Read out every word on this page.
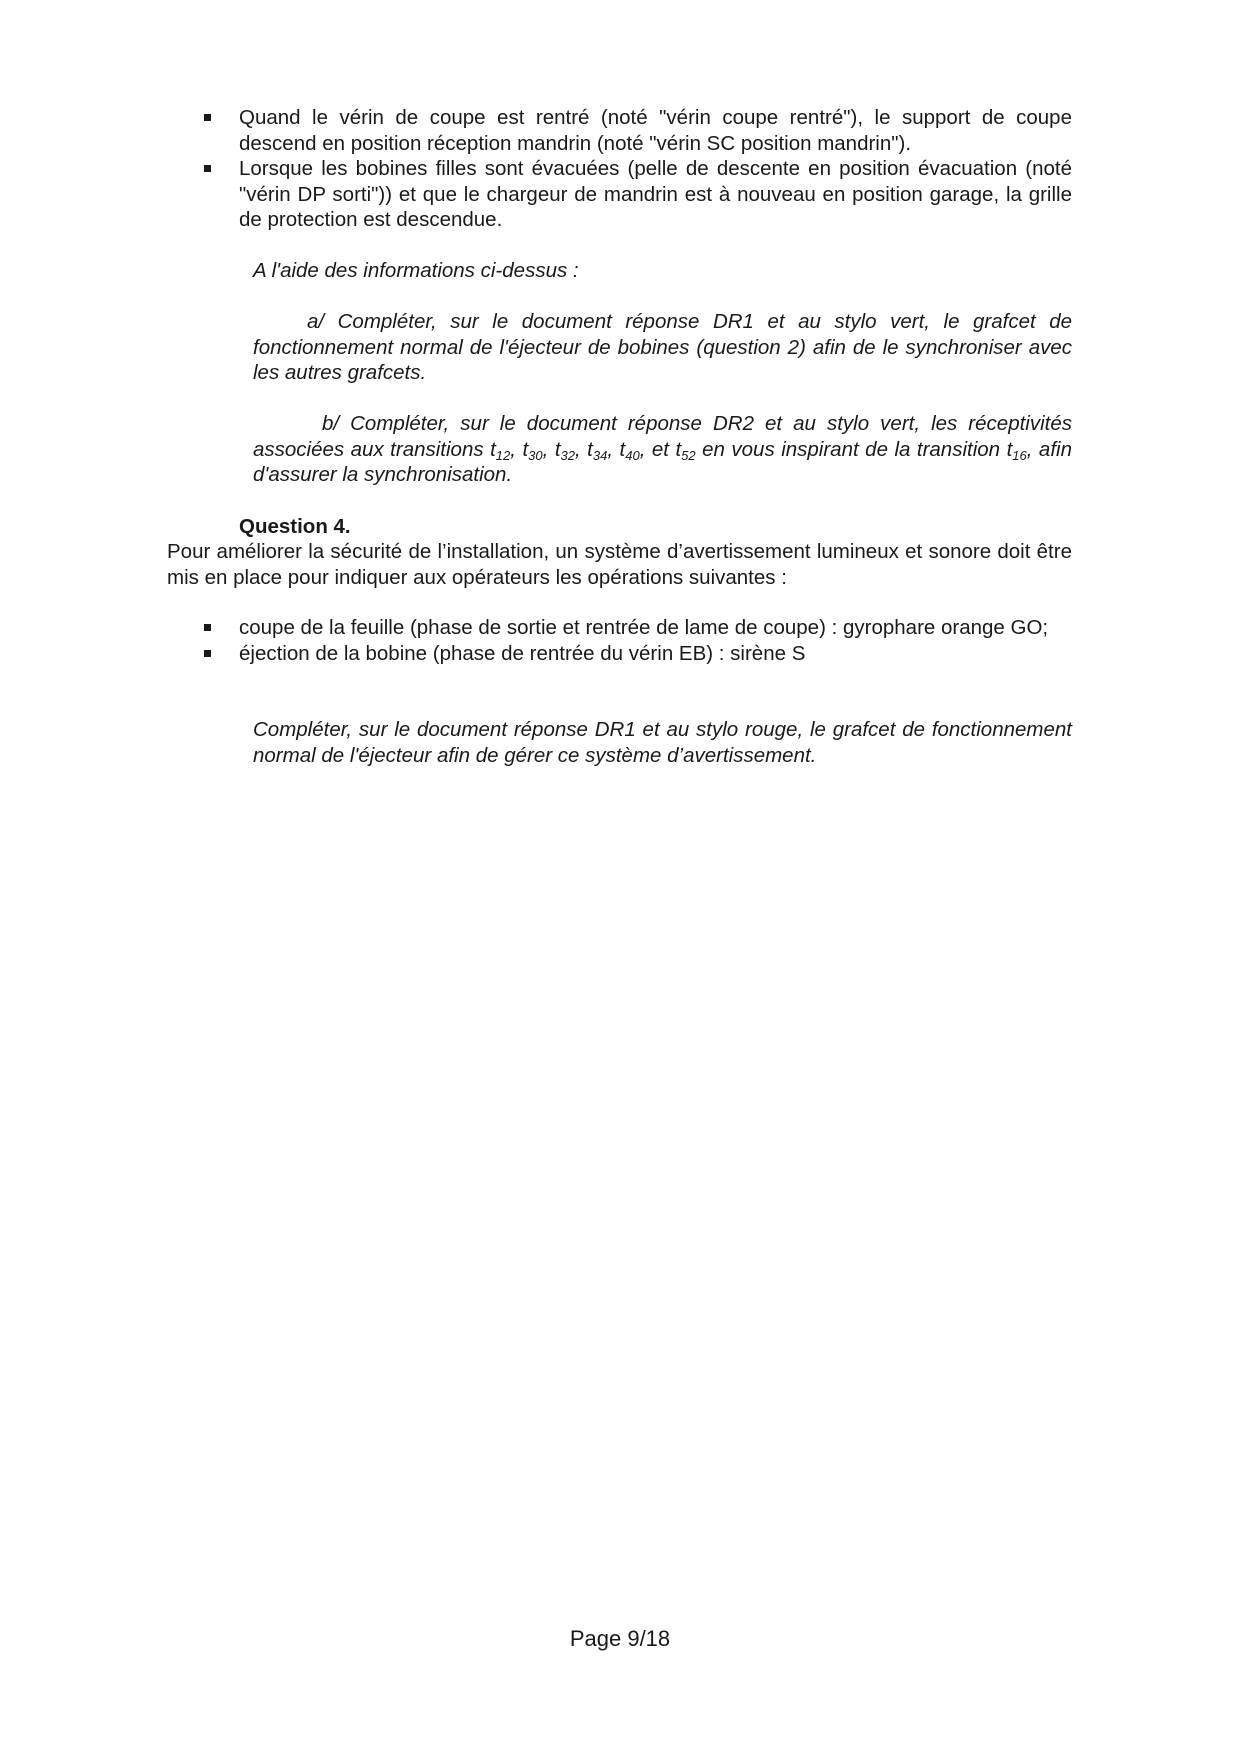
Quand le vérin de coupe est rentré (noté "vérin coupe rentré"), le support de coupe descend en position réception mandrin (noté "vérin SC position mandrin").
Lorsque les bobines filles sont évacuées (pelle de descente en position évacuation (noté "vérin DP sorti")) et que le chargeur de mandrin est à nouveau en position garage, la grille de protection est descendue.

A l'aide des informations ci-dessus :

a/ Compléter, sur le document réponse DR1 et au stylo vert, le grafcet de fonctionnement normal de l'éjecteur de bobines (question 2) afin de le synchroniser avec les autres grafcets.

b/ Compléter, sur le document réponse DR2 et au stylo vert, les réceptivités associées aux transitions $t_{12}$, $t_{30}$, $t_{32}$, $t_{34}$, $t_{40}$, et $t_{52}$ en vous inspirant de la transition $t_{16}$, afin d'assurer la synchronisation.

Question 4.

Pour améliorer la sécurité de l’installation, un système d’avertissement lumineux et sonore doit être mis en place pour indiquer aux opérateurs les opérations suivantes :

coupe de la feuille (phase de sortie et rentrée de lame de coupe) : gyrophare orange GO;
éjection de la bobine (phase de rentrée du vérin EB) : sirène S

Compléter, sur le document réponse DR1 et au stylo rouge, le grafcet de fonctionnement normal de l'éjecteur afin de gérer ce système d’avertissement.

Page 9/18
